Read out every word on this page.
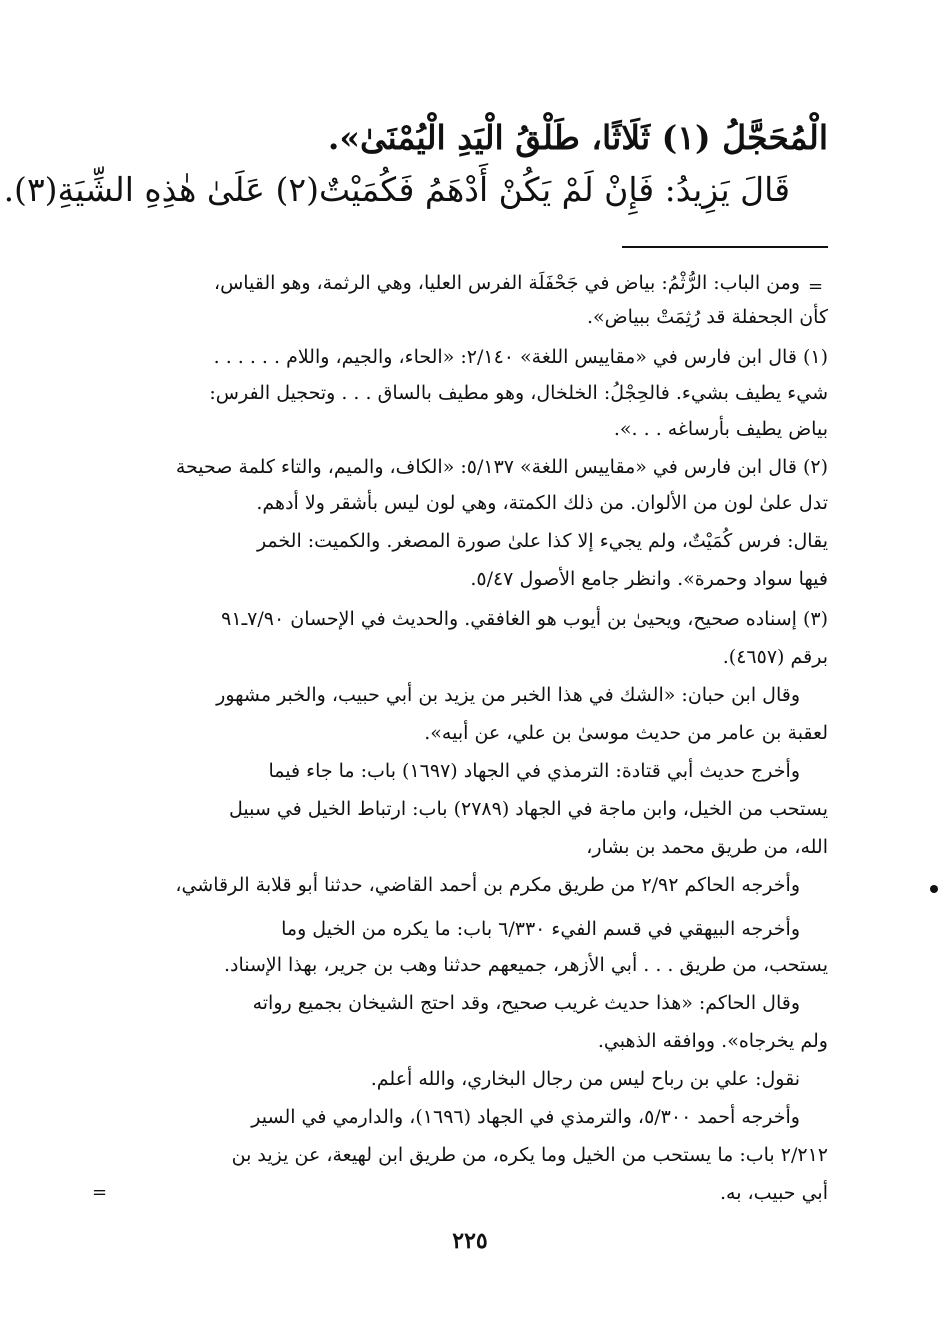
الْمُحَجَّلُ (١) ثَلَاثًا، طَلْقُ الْيَدِ الْيُمْنَىٰ».
قَالَ يَزِيدُ: فَإِنْ لَمْ يَكُنْ أَدْهَمُ فَكُمَيْتٌ(٢) عَلَىٰ هٰذِهِ الشِّيَةِ(٣).
=
ومن الباب: الرُّثْمُ: بياض في جَحْفَلَة الفرس العليا، وهي الرثمة، وهو القياس،
كأن الجحفلة قد رُثِمَتْ ببياض».
(١) قال ابن فارس في «مقاييس اللغة» ٢/١٤٠: «الحاء، والجيم، واللام . . . . . .
شيء يطيف بشيء. فالحِجْلُ: الخلخال، وهو مطيف بالساق . . . وتحجيل الفرس:
بياض يطيف بأرساغه . . .».
(٢) قال ابن فارس في «مقاييس اللغة» ٥/١٣٧: «الكاف، والميم، والتاء كلمة صحيحة
تدل علىٰ لون من الألوان. من ذلك الكمتة، وهي لون ليس بأشقر ولا أدهم.
يقال: فرس كُمَيْتٌ، ولم يجيء إلا كذا علىٰ صورة المصغر. والكميت: الخمر
فيها سواد وحمرة». وانظر جامع الأصول ٥/٤٧.
(٣) إسناده صحيح، ويحيىٰ بن أيوب هو الغافقي. والحديث في الإحسان ٧/٩٠ـ٩١
برقم (٤٦٥٧).
وقال ابن حبان: «الشك في هذا الخبر من يزيد بن أبي حبيب، والخبر مشهور
لعقبة بن عامر من حديث موسىٰ بن علي، عن أبيه».
وأخرج حديث أبي قتادة: الترمذي في الجهاد (١٦٩٧) باب: ما جاء فيما
يستحب من الخيل، وابن ماجة في الجهاد (٢٧٨٩) باب: ارتباط الخيل في سبيل
الله، من طريق محمد بن بشار،
وأخرجه الحاكم ٢/٩٢ من طريق مكرم بن أحمد القاضي، حدثنا أبو قلابة الرقاشي،
وأخرجه البيهقي في قسم الفيء ٦/٣٣٠ باب: ما يكره من الخيل وما
يستحب، من طريق . . . أبي الأزهر، جميعهم حدثنا وهب بن جرير، بهذا الإسناد.
وقال الحاكم: «هذا حديث غريب صحيح، وقد احتج الشيخان بجميع رواته
ولم يخرجاه». ووافقه الذهبي.
نقول: علي بن رباح ليس من رجال البخاري، والله أعلم.
وأخرجه أحمد ٥/٣٠٠، والترمذي في الجهاد (١٦٩٦)، والدارمي في السير
٢/٢١٢ باب: ما يستحب من الخيل وما يكره، من طريق ابن لهيعة، عن يزيد بن
أبي حبيب، به.
=
٢٢٥
